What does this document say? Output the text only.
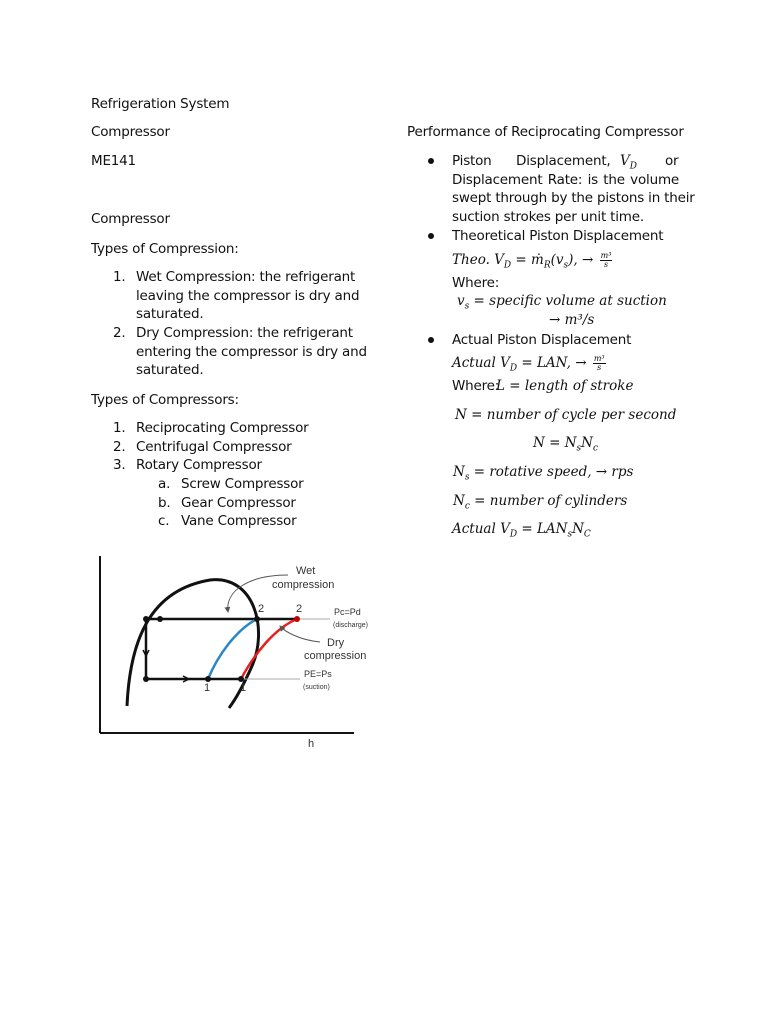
Refrigeration System
Compressor
ME141
Compressor
Types of Compression:
1. Wet Compression: the refrigerant
leaving the compressor is dry and
saturated.
2. Dry Compression: the refrigerant
entering the compressor is dry and
saturated.
Types of Compressors:
1. Reciprocating Compressor
2. Centrifugal Compressor
3. Rotary Compressor
a. Screw Compressor
b. Gear Compressor
c. Vane Compressor
Wet
compression
2	2	Pc=Pd
(discharge)
Dry
compression
PE=Ps
(suction)
1	1
h
Performance of Reciprocating Compressor
Piston Displacement, $V_D$ or
Displacement Rate: is the volume
swept through by the pistons in their
suction strokes per unit time.
Theoretical Piston Displacement
Theo. $V_D$ = $ṁ_R(v_s)$, → $\frac{\text{m³}}{s}$
Where:
$v_s$ = specific volume at suction
→ m³/s
Actual Piston Displacement
Actual $V_D$ = LAN, → $\frac{\text{m³}}{s}$
Where:
L = length of stroke
N = number of cycle per second
$N = N_sN_c$
$N_s$ = rotative speed, → rps
$N_c$ = number of cylinders
Actual $V_D = LAN_sN_C$
